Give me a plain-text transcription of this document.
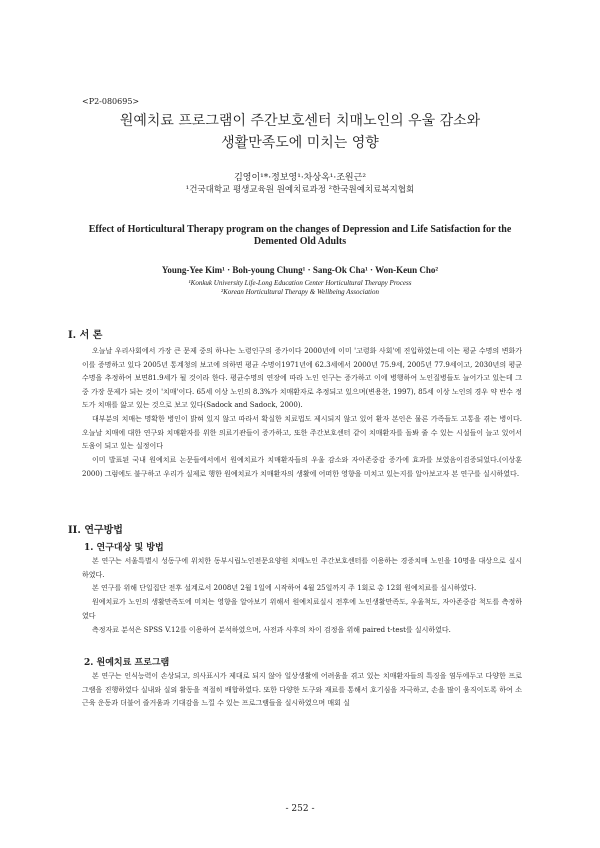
<P2-080695>
원예치료 프로그램이 주간보호센터 치매노인의 우울 감소와
생활만족도에 미치는 영향
김영이¹*·정보영¹·차상옥¹·조원근²
¹건국대학교 평생교육원 원예치료과정 ²한국원예치료복지협회
Effect of Horticultural Therapy program on the changes of Depression and Life Satisfaction for the
Demented Old Adults
Young-Yee Kim¹ · Boh-young Chung¹ · Sang-Ok Cha¹ · Won-Keun Cho²
¹Konkuk University Life-Long Education Center Horticultural Therapy Process
²Korean Horticultural Therapy & Wellbeing Association
I. 서 론
오늘날 우리사회에서 가장 큰 문제 중의 하나는 노령인구의 증가이다 2000년에 이미 '고령화 사회'에 진입하였는데 이는 평균 수명의 변화가 이를 증명하고 있다 2005년 통계청의 보고에 의하면 평균 수명이1971년에 62.3세에서 2000년 75.9세, 2005년 77.9세이고, 2030년의 평균 수명을 추정하여 보면81.9세가 될 것이라 한다. 평균수명의 연장에 따라 노인 인구는 증가하고 이에 병행하여 노인질병들도 늘어가고 있는데 그 중 가장 문제가 되는 것이 '치매'이다. 65세 이상 노인의 8.3%가 치매환자로 추정되고 있으며(변용찬, 1997), 85세 이상 노인의 경우 약 반수 정도가 치매를 앓고 있는 것으로 보고 있다(Sadock and Sadock, 2000).
대부분의 치매는 명확한 병인이 밝혀 있지 않고 따라서 확실한 치료법도 제시되지 않고 있어 환자 본인은 물론 가족들도 고통을 겪는 병이다. 오늘날 치매에 대한 연구와 치매환자를 위한 의료기관들이 증가하고, 또한 주간보호센터 같이 치매환자를 돌봐 줄 수 있는 시설들이 늘고 있어서 도움이 되고 있는 실정이다
이미 발표된 국내 원예치료 논문들에서에서 원예치료가 치매환자들의 우울 감소와 자아존중감 증가에 효과를 보였음이검증되었다.(이상훈 2000) 그럼에도 불구하고 우리가 실제로 행한 원예치료가 치매환자의 생활에 어떠한 영향을 미치고 있는지를 알아보고자 본 연구를 실시하였다.
II. 연구방법
1. 연구대상 및 방법
본 연구는 서울특별시 성동구에 위치한 동부시립노인전문요양원 치매노인 주간보호센터를 이용하는 경증치매 노인을 10명을 대상으로 실시 하였다.
본 연구를 위해 단일집단 전후 설계로서 2008년 2월 1일에 시작하여 4월 25일까지 주 1회로 총 12회 원예치료를 실시하였다.
원예치료가 노인의 생활만족도에 미치는 영향을 알아보기 위해서 원예치료실시 전후에 노인생활만족도, 우울척도, 자아존중감 척도를 측정하였다
측정자료 분석은 SPSS V.12를 이용하여 분석하였으며, 사전과 사후의 차이 검정을 위해 paired t-test를 실시하였다.
2. 원예치료 프로그램
본 연구는 인식능력이 손상되고, 의사표시가 제대로 되지 않아 일상생활에 어려움을 겪고 있는 치매환자들의 특징을 염두에두고 다양한 프로그램을 진행하였다 실내와 실외 활동을 적절히 배합하였다. 또한 다양한 도구와 재료를 통해서 호기심을 자극하고, 손을 많이 움직이도록 하여 소근육 운동과 더불어 즐거움과 기대감을 느낄 수 있는 프로그램들을 실시하였으며 매회 실
- 252 -
